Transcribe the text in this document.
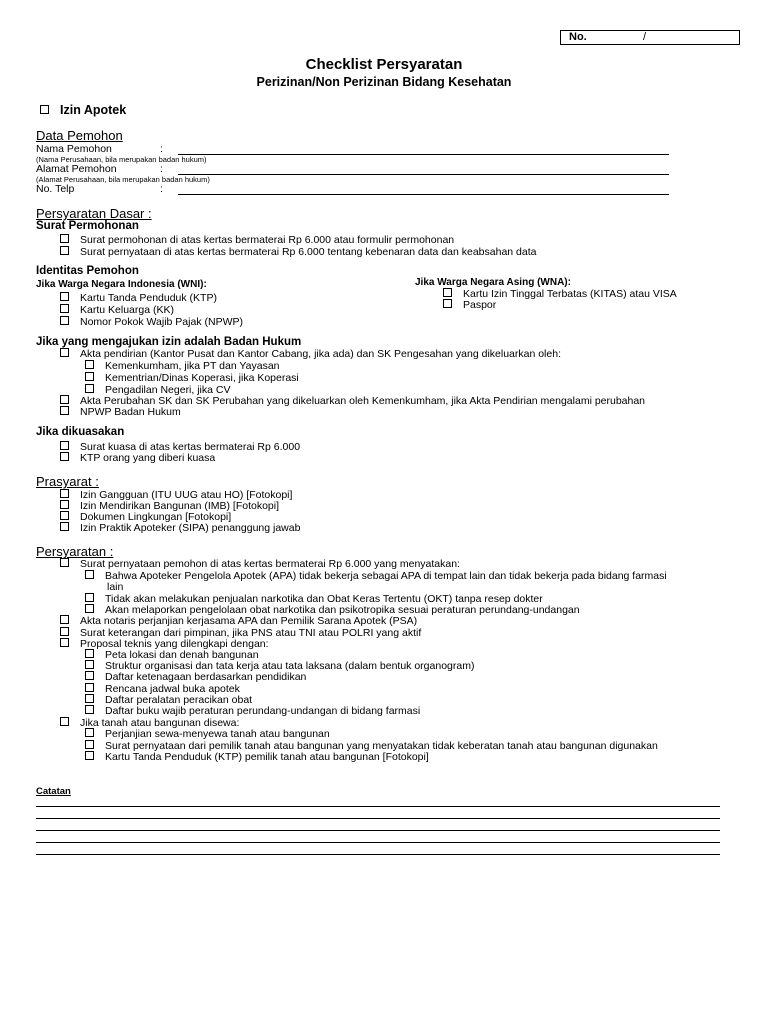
No.	/
Checklist Persyaratan
Perizinan/Non Perizinan Bidang Kesehatan
Izin Apotek
Data Pemohon
Nama Pemohon	:
(Nama Perusahaan, bila merupakan badan hukum)
Alamat Pemohon	:
(Alamat Perusahaan, bila merupakan badan hukum)
No. Telp	:
Persyaratan Dasar :
Surat Permohonan
Surat permohonan di atas kertas bermaterai Rp 6.000 atau formulir permohonan
Surat pernyataan di atas kertas bermaterai Rp 6.000 tentang kebenaran data dan keabsahan data
Identitas Pemohon
Jika Warga Negara Indonesia (WNI):	Jika Warga Negara Asing (WNA):
Kartu Tanda Penduduk (KTP)
Kartu Keluarga (KK)
Nomor Pokok Wajib Pajak (NPWP)
Kartu Izin Tinggal Terbatas (KITAS) atau VISA
Paspor
Jika yang mengajukan izin adalah Badan Hukum
Akta pendirian (Kantor Pusat dan Kantor Cabang, jika ada) dan SK Pengesahan yang dikeluarkan oleh:
Kemenkumham, jika PT dan Yayasan
Kementrian/Dinas Koperasi, jika Koperasi
Pengadilan Negeri, jika CV
Akta Perubahan SK dan SK Perubahan yang dikeluarkan oleh Kemenkumham, jika Akta Pendirian mengalami perubahan
NPWP Badan Hukum
Jika dikuasakan
Surat kuasa di atas kertas bermaterai Rp 6.000
KTP orang yang diberi kuasa
Prasyarat :
Izin Gangguan (ITU UUG atau HO) [Fotokopi]
Izin Mendirikan Bangunan (IMB) [Fotokopi]
Dokumen Lingkungan [Fotokopi]
Izin Praktik Apoteker (SIPA) penanggung jawab
Persyaratan :
Surat pernyataan pemohon di atas kertas bermaterai Rp 6.000 yang menyatakan:
Bahwa Apoteker Pengelola Apotek (APA) tidak bekerja sebagai APA di tempat lain dan tidak bekerja pada bidang farmasi
lain
Tidak akan melakukan penjualan narkotika dan Obat Keras Tertentu (OKT) tanpa resep dokter
Akan melaporkan pengelolaan obat narkotika dan psikotropika sesuai peraturan perundang-undangan
Akta notaris perjanjian kerjasama APA dan Pemilik Sarana Apotek (PSA)
Surat keterangan dari pimpinan, jika PNS atau TNI atau POLRI yang aktif
Proposal teknis yang dilengkapi dengan:
Peta lokasi dan denah bangunan
Struktur organisasi dan tata kerja atau tata laksana (dalam bentuk organogram)
Daftar ketenagaan berdasarkan pendidikan
Rencana jadwal buka apotek
Daftar peralatan peracikan obat
Daftar buku wajib peraturan perundang-undangan di bidang farmasi
Jika tanah atau bangunan disewa:
Perjanjian sewa-menyewa tanah atau bangunan
Surat pernyataan dari pemilik tanah atau bangunan yang menyatakan tidak keberatan tanah atau bangunan digunakan
Kartu Tanda Penduduk (KTP) pemilik tanah atau bangunan [Fotokopi]
Catatan
